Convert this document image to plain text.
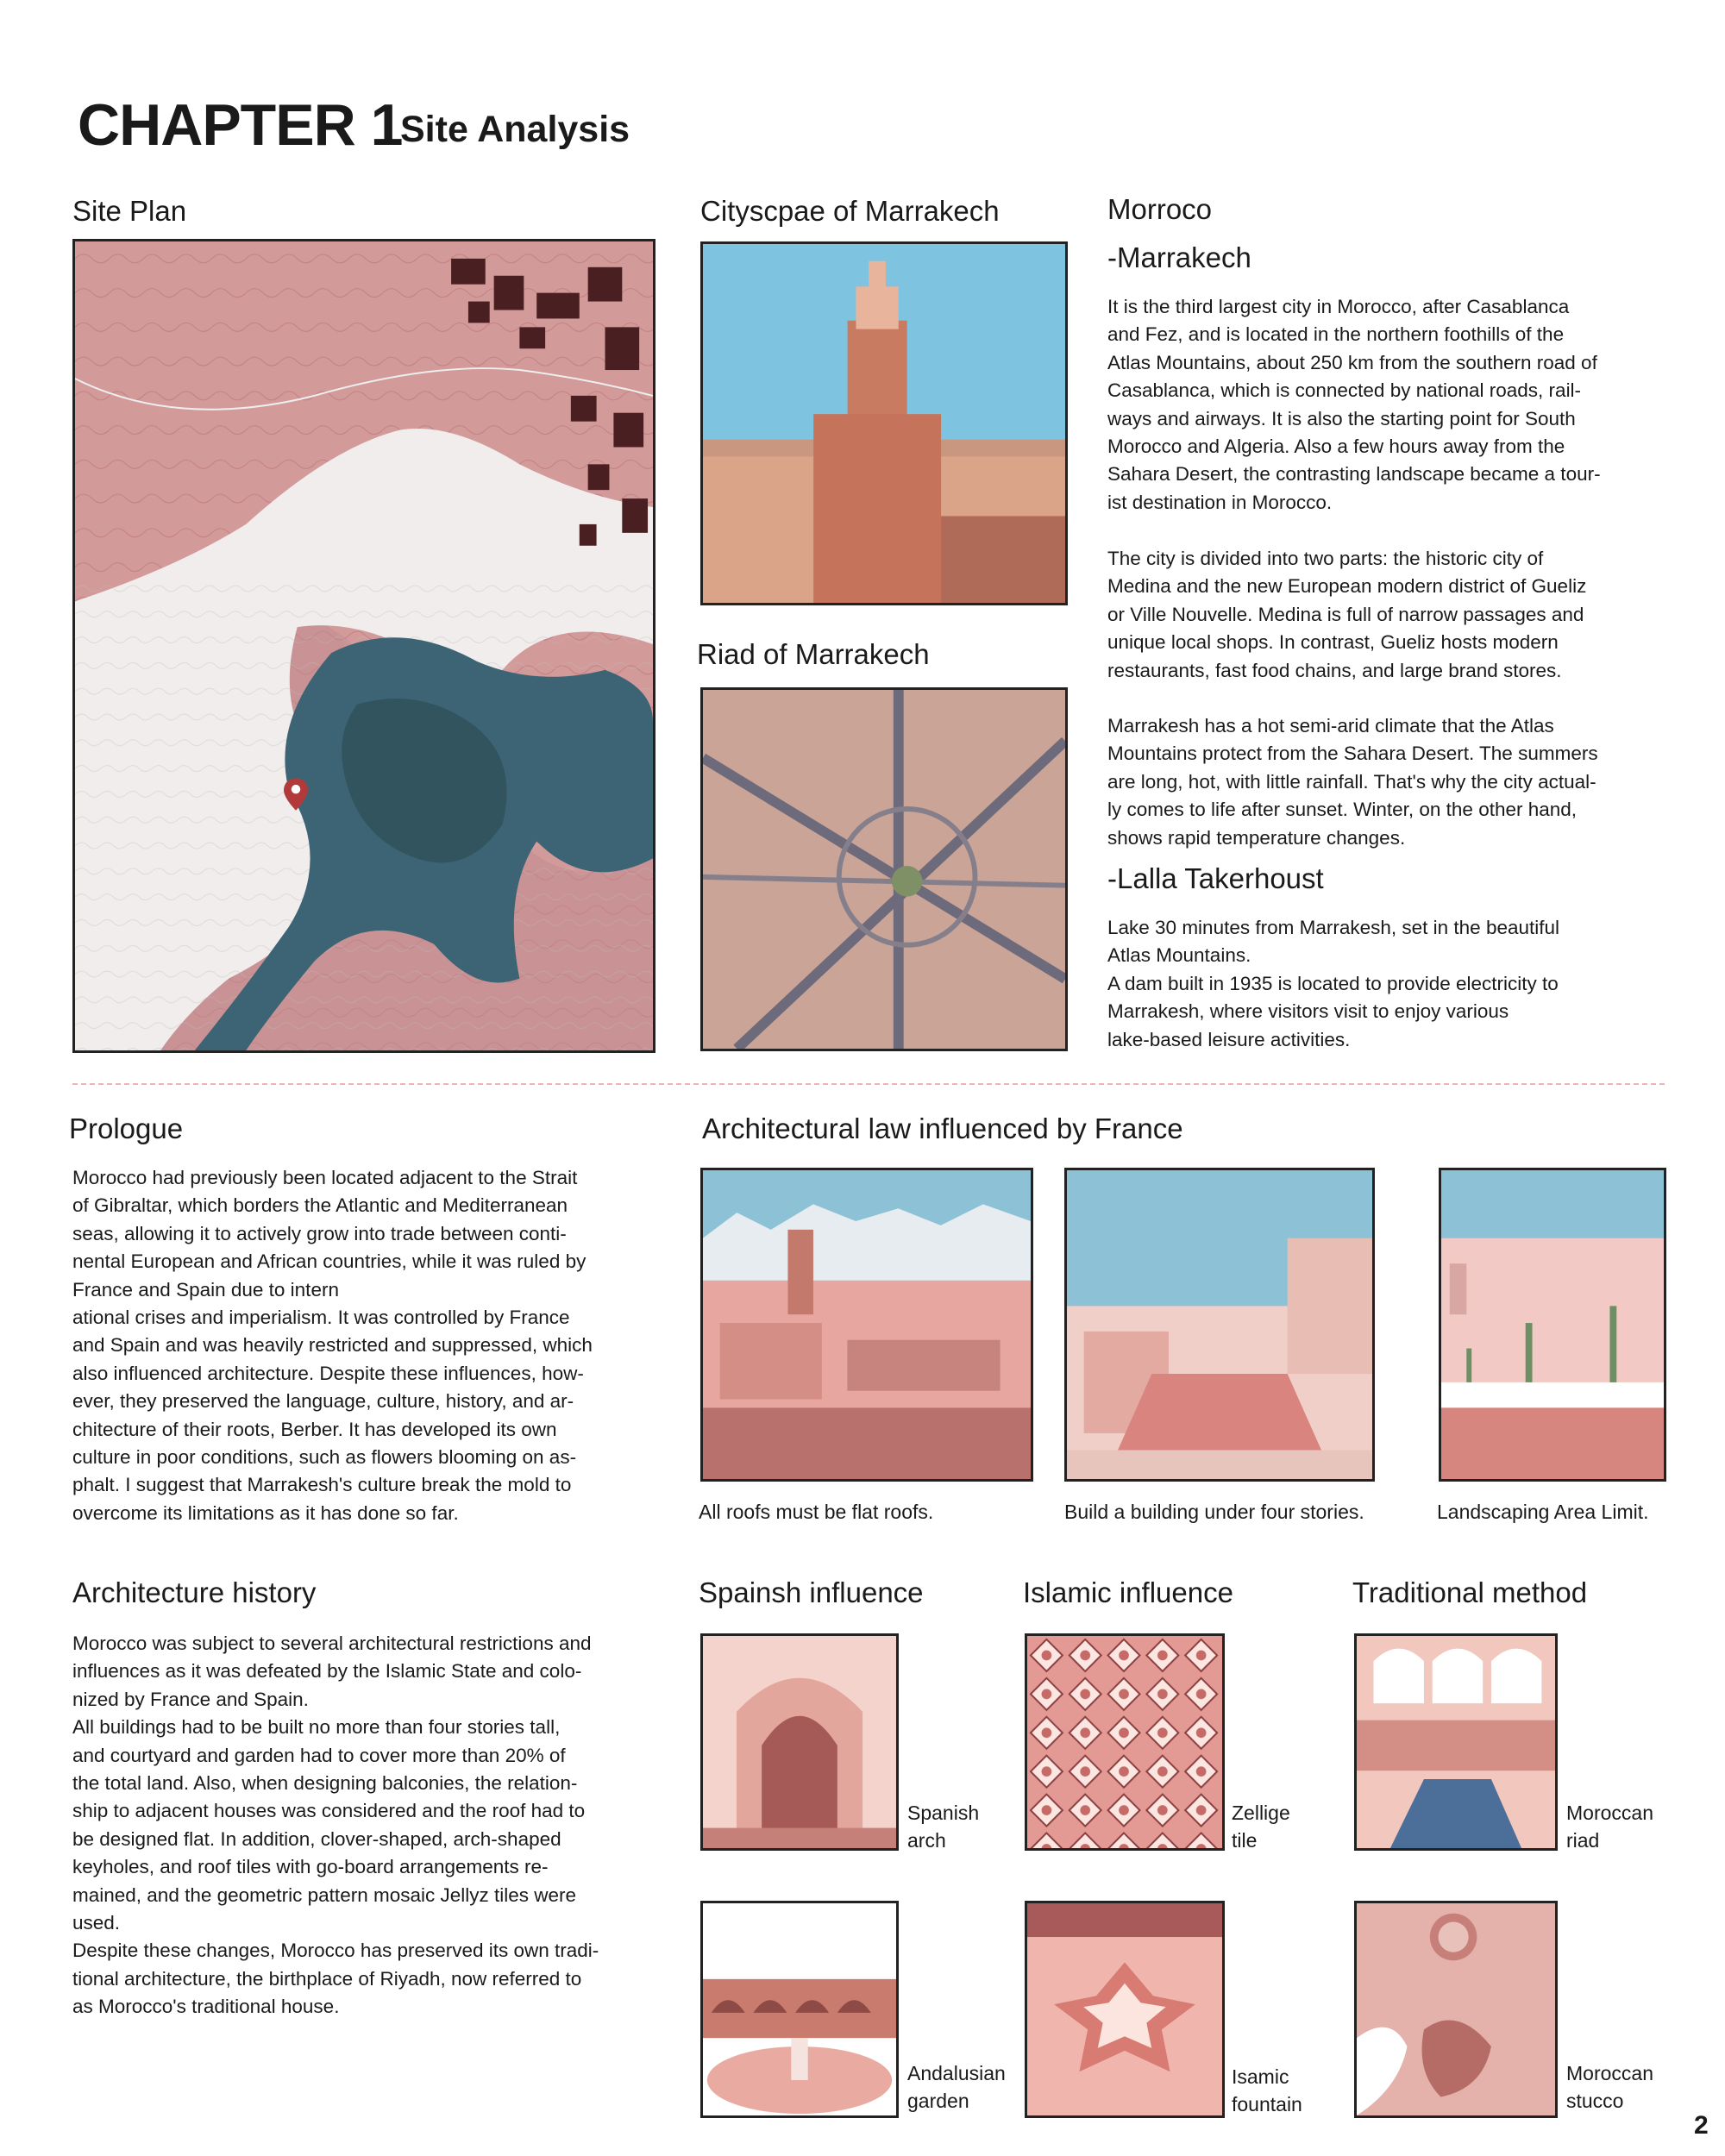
CHAPTER 1
Site Analysis
Site Plan	Cityscpae of Marrakech
Riad of Marrakech
Morroco
-Marrakech
It is the third largest city in Morocco, after Casablanca
and Fez, and is located in the northern foothills of the
Atlas Mountains, about 250 km from the southern road of
Casablanca, which is connected by national roads, rail-
ways and airways. It is also the starting point for South
Morocco and Algeria. Also a few hours away from the
Sahara Desert, the contrasting landscape became a tour-
ist destination in Morocco.
The city is divided into two parts: the historic city of
Medina and the new European modern district of Gueliz
or Ville Nouvelle. Medina is full of narrow passages and
unique local shops. In contrast, Gueliz hosts modern
restaurants, fast food chains, and large brand stores.
Marrakesh has a hot semi-arid climate that the Atlas
Mountains protect from the Sahara Desert. The summers
are long, hot, with little rainfall. That's why the city actual-
ly comes to life after sunset. Winter, on the other hand,
shows rapid temperature changes.
-Lalla Takerhoust
Lake 30 minutes from Marrakesh, set in the beautiful
Atlas Mountains.
A dam built in 1935 is located to provide electricity to
Marrakesh, where visitors visit to enjoy various
lake-based leisure activities.
Prologue
Morocco had previously been located adjacent to the Strait
of Gibraltar, which borders the Atlantic and Mediterranean
seas, allowing it to actively grow into trade between conti-
nental European and African countries, while it was ruled by
France and Spain due to intern
ational crises and imperialism. It was controlled by France
and Spain and was heavily restricted and suppressed, which
also influenced architecture. Despite these influences, how-
ever, they preserved the language, culture, history, and ar-
chitecture of their roots, Berber. It has developed its own
culture in poor conditions, such as flowers blooming on as-
phalt. I suggest that Marrakesh's culture break the mold to
overcome its limitations as it has done so far.
Architectural law influenced by France
All roofs must be flat roofs.	Build a building under four stories.	Landscaping Area Limit.
Architecture history
Morocco was subject to several architectural restrictions and
influences as it was defeated by the Islamic State and colo-
nized by France and Spain.
All buildings had to be built no more than four stories tall,
and courtyard and garden had to cover more than 20% of
the total land. Also, when designing balconies, the relation-
ship to adjacent houses was considered and the roof had to
be designed flat. In addition, clover-shaped, arch-shaped
keyholes, and roof tiles with go-board arrangements re-
mained, and the geometric pattern mosaic Jellyz tiles were
used.
Despite these changes, Morocco has preserved its own tradi-
tional architecture, the birthplace of Riyadh, now referred to
as Morocco's traditional house.
Spainsh influence	Islamic influence	Traditional method
Spanish
arch
Zellige
tile
Moroccan
riad
Andalusian
garden
Isamic
fountain
Moroccan
stucco
2
